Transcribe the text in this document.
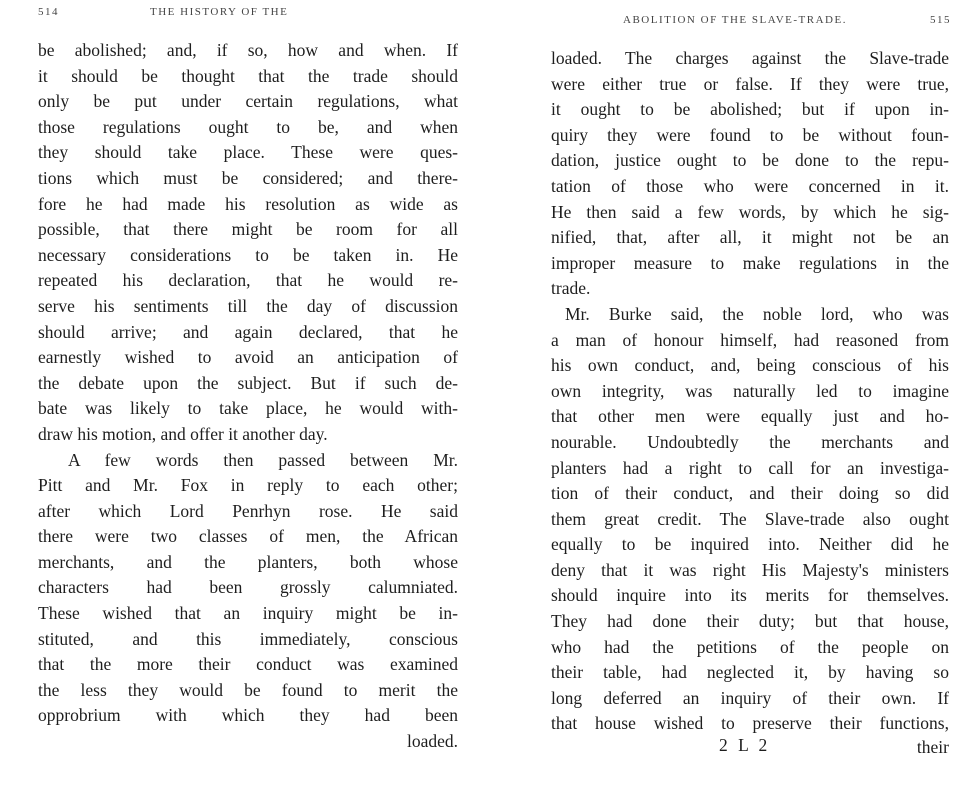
514	THE HISTORY OF THE
be abolished; and, if so, how and when. If
it should be thought that the trade should
only be put under certain regulations, what
those regulations ought to be, and when
they should take place. These were ques-
tions which must be considered; and there-
fore he had made his resolution as wide as
possible, that there might be room for all
necessary considerations to be taken in. He
repeated his declaration, that he would re-
serve his sentiments till the day of discussion
should arrive; and again declared, that he
earnestly wished to avoid an anticipation of
the debate upon the subject. But if such de-
bate was likely to take place, he would with-
draw his motion, and offer it another day.
A few words then passed between Mr.
Pitt and Mr. Fox in reply to each other;
after which Lord Penrhyn rose. He said
there were two classes of men, the African
merchants, and the planters, both whose
characters had been grossly calumniated.
These wished that an inquiry might be in-
stituted, and this immediately, conscious
that the more their conduct was examined
the less they would be found to merit the
opprobrium with which they had been
loaded.
ABOLITION OF THE SLAVE-TRADE.	515
loaded. The charges against the Slave-trade
were either true or false. If they were true,
it ought to be abolished; but if upon in-
quiry they were found to be without foun-
dation, justice ought to be done to the repu-
tation of those who were concerned in it.
He then said a few words, by which he sig-
nified, that, after all, it might not be an
improper measure to make regulations in the
trade.
Mr. Burke said, the noble lord, who was
a man of honour himself, had reasoned from
his own conduct, and, being conscious of his
own integrity, was naturally led to imagine
that other men were equally just and ho-
nourable. Undoubtedly the merchants and
planters had a right to call for an investiga-
tion of their conduct, and their doing so did
them great credit. The Slave-trade also ought
equally to be inquired into. Neither did he
deny that it was right His Majesty's ministers
should inquire into its merits for themselves.
They had done their duty; but that house,
who had the petitions of the people on
their table, had neglected it, by having so
long deferred an inquiry of their own. If
that house wished to preserve their functions,
2 L 2	their
